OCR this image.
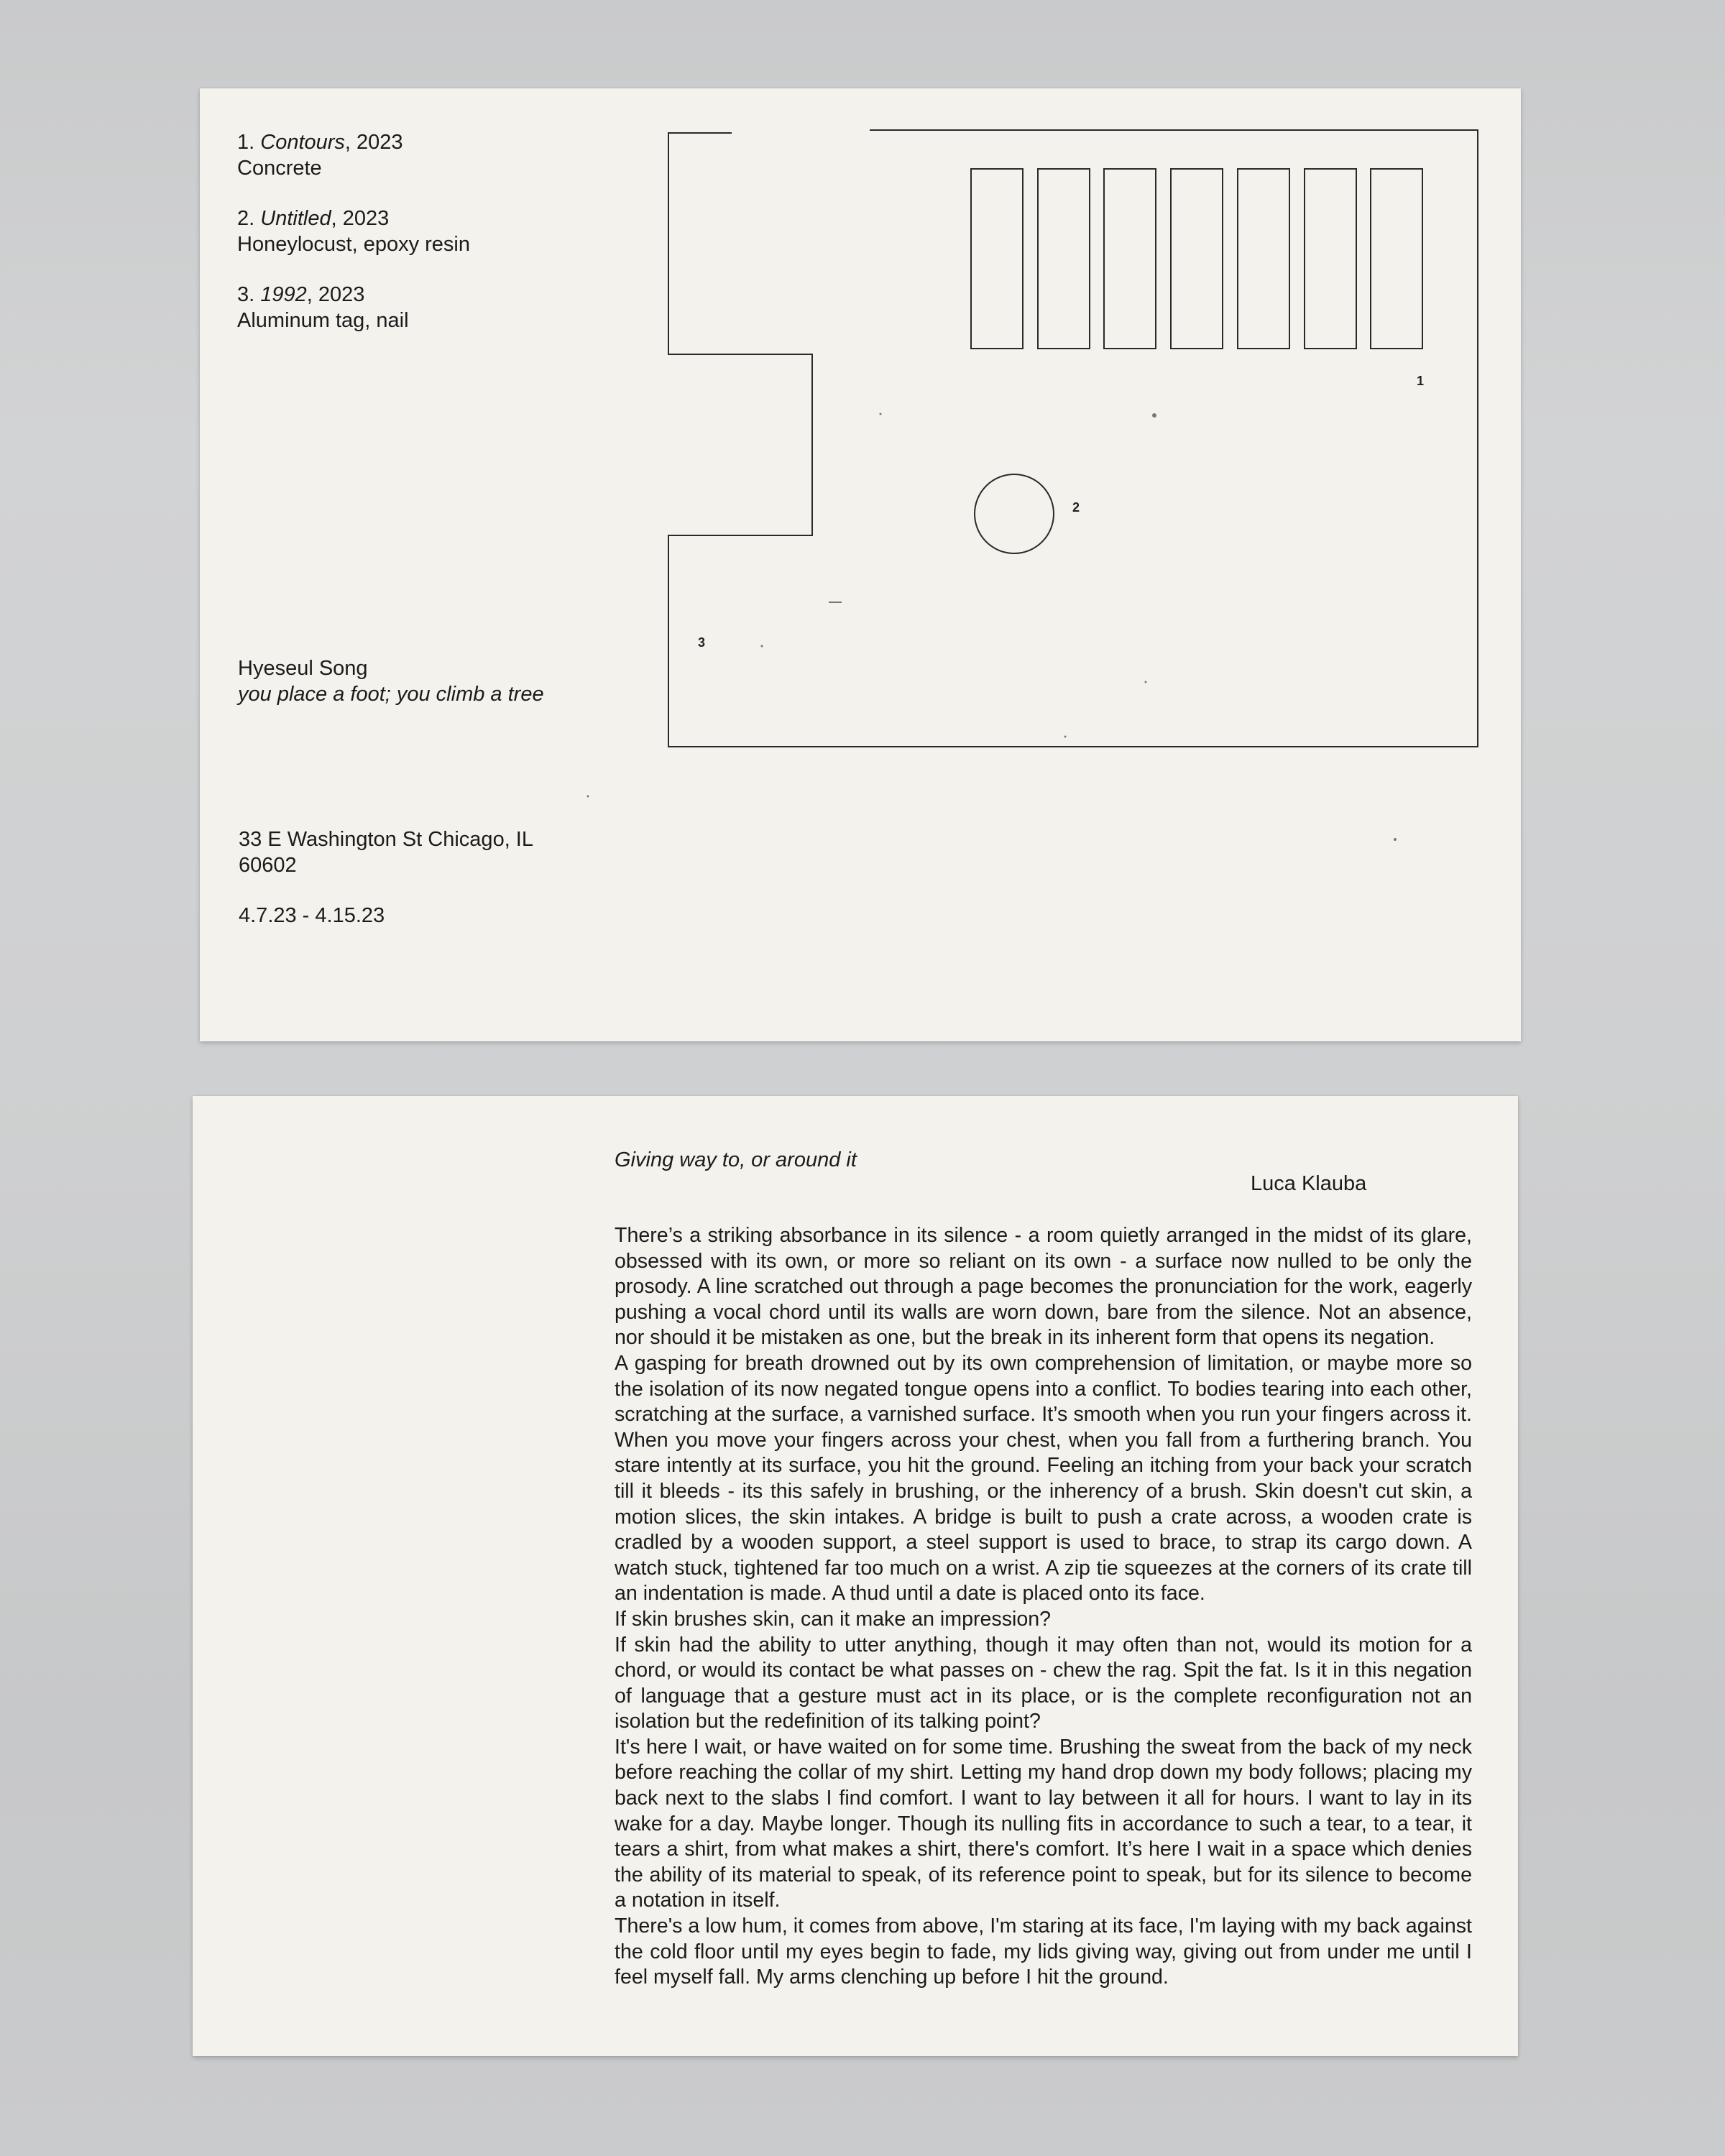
1. Contours, 2023
Concrete
2. Untitled, 2023
Honeylocust, epoxy resin
3. 1992, 2023
Aluminum tag, nail
Hyeseul Song
you place a foot; you climb a tree
33 E Washington St Chicago, IL
60602
4.7.23 - 4.15.23
1
2
3
Giving way to, or around it
Luca Klauba

There’s a striking absorbance in its silence - a room quietly arranged in the midst of its glare, obsessed with its own, or more so reliant on its own - a surface now nulled to be only the prosody. A line scratched out through a page becomes the pronunciation for the work, eagerly pushing a vocal chord until its walls are worn down, bare from the silence. Not an absence, nor should it be mistaken as one, but the break in its inherent form that opens its negation.

A gasping for breath drowned out by its own comprehension of limitation, or maybe more so the isolation of its now negated tongue opens into a conflict. To bodies tearing into each other, scratching at the surface, a varnished surface. It’s smooth when you run your fingers across it. When you move your fingers across your chest, when you fall from a furthering branch. You stare intently at its surface, you hit the ground. Feeling an itching from your back your scratch till it bleeds - its this safely in brushing, or the inherency of a brush. Skin doesn't cut skin, a motion slices, the skin intakes. A bridge is built to push a crate across, a wooden crate is cradled by a wooden support, a steel support is used to brace, to strap its cargo down. A watch stuck, tightened far too much on a wrist. A zip tie squeezes at the corners of its crate till an indentation is made. A thud until a date is placed onto its face.

If skin brushes skin, can it make an impression?

If skin had the ability to utter anything, though it may often than not, would its motion for a chord, or would its contact be what passes on - chew the rag. Spit the fat. Is it in this negation of language that a gesture must act in its place, or is the complete reconfiguration not an isolation but the redefinition of its talking point?

It's here I wait, or have waited on for some time. Brushing the sweat from the back of my neck before reaching the collar of my shirt. Letting my hand drop down my body follows; placing my back next to the slabs I find comfort. I want to lay between it all for hours. I want to lay in its wake for a day. Maybe longer. Though its nulling fits in accordance to such a tear, to a tear, it tears a shirt, from what makes a shirt, there's comfort. It’s here I wait in a space which denies the ability of its material to speak, of its reference point to speak, but for its silence to become a notation in itself.

There's a low hum, it comes from above, I'm staring at its face, I'm laying with my back against the cold floor until my eyes begin to fade, my lids giving way, giving out from under me until I feel myself fall. My arms clenching up before I hit the ground.
